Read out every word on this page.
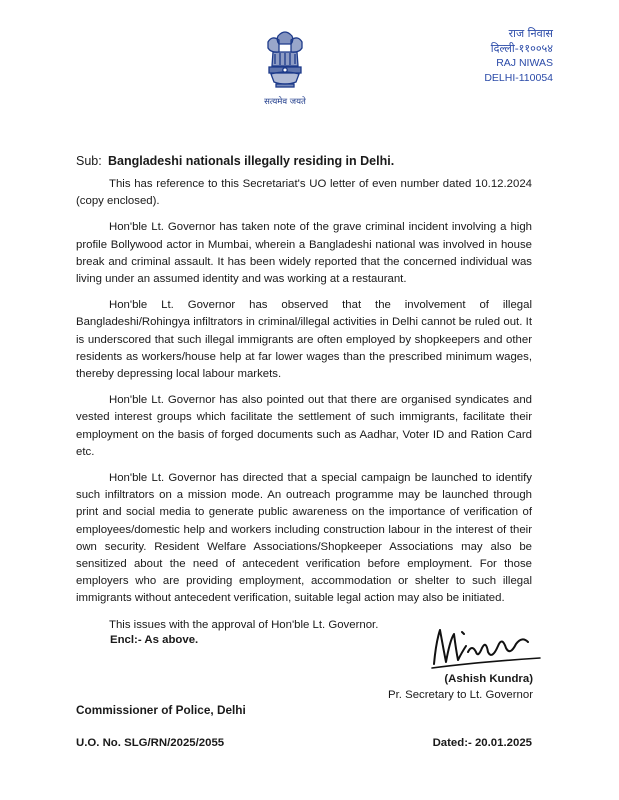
सत्यमेव जयते
राज निवास
दिल्ली-११००५४
RAJ NIWAS
DELHI-110054
Sub: Bangladeshi nationals illegally residing in Delhi.

This has reference to this Secretariat's UO letter of even number dated 10.12.2024 (copy enclosed).

Hon'ble Lt. Governor has taken note of the grave criminal incident involving a high profile Bollywood actor in Mumbai, wherein a Bangladeshi national was involved in house break and criminal assault. It has been widely reported that the concerned individual was living under an assumed identity and was working at a restaurant.

Hon'ble Lt. Governor has observed that the involvement of illegal Bangladeshi/Rohingya infiltrators in criminal/illegal activities in Delhi cannot be ruled out. It is underscored that such illegal immigrants are often employed by shopkeepers and other residents as workers/house help at far lower wages than the prescribed minimum wages, thereby depressing local labour markets.

Hon'ble Lt. Governor has also pointed out that there are organised syndicates and vested interest groups which facilitate the settlement of such immigrants, facilitate their employment on the basis of forged documents such as Aadhar, Voter ID and Ration Card etc.

Hon'ble Lt. Governor has directed that a special campaign be launched to identify such infiltrators on a mission mode. An outreach programme may be launched through print and social media to generate public awareness on the importance of verification of employees/domestic help and workers including construction labour in the interest of their own security. Resident Welfare Associations/Shopkeeper Associations may also be sensitized about the need of antecedent verification before employment. For those employers who are providing employment, accommodation or shelter to such illegal immigrants without antecedent verification, suitable legal action may also be initiated.

This issues with the approval of Hon'ble Lt. Governor.

Encl:- As above.
(Ashish Kundra)
Pr. Secretary to Lt. Governor
Commissioner of Police, Delhi
U.O. No. SLG/RN/2025/2055	Dated:- 20.01.2025
